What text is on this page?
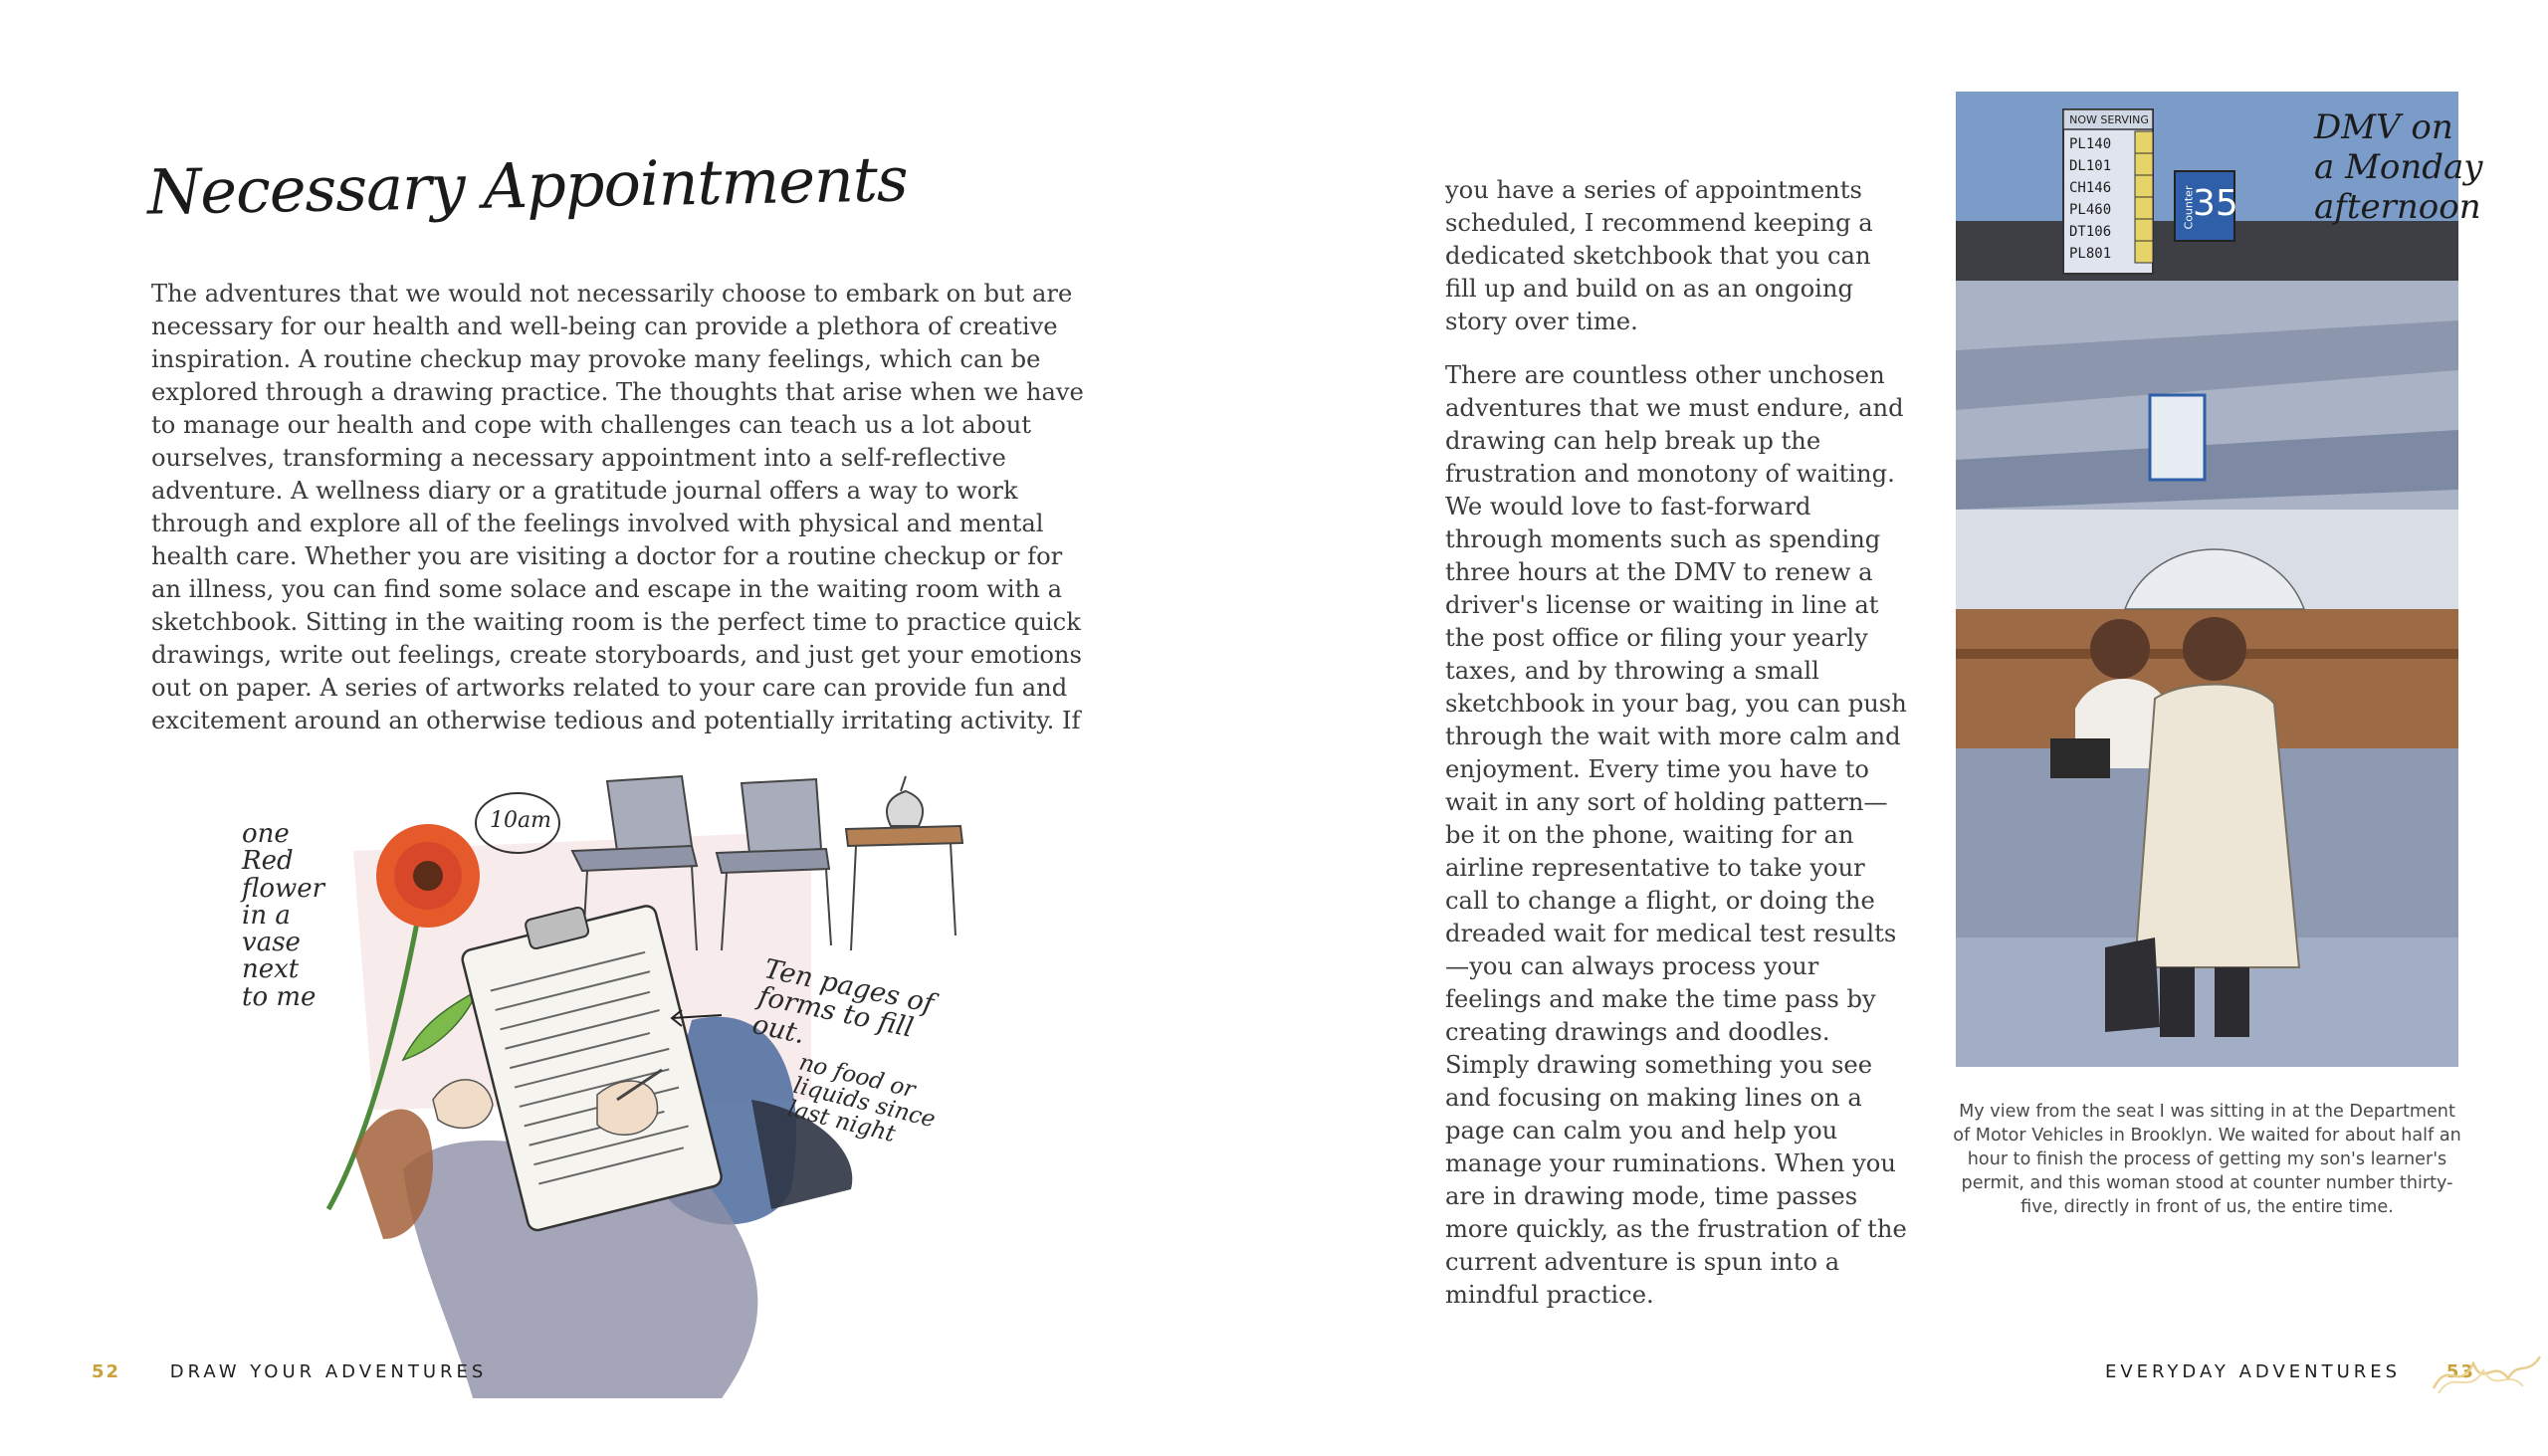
Necessary Appointments

The adventures that we would not necessarily choose to embark on but are necessary for our health and well-being can provide a plethora of creative inspiration. A routine checkup may provoke many feelings, which can be explored through a drawing practice. The thoughts that arise when we have to manage our health and cope with challenges can teach us a lot about ourselves, transforming a necessary appointment into a self-reflective adventure. A wellness diary or a gratitude journal offers a way to work through and explore all of the feelings involved with physical and mental health care. Whether you are visiting a doctor for a routine checkup or for an illness, you can find some solace and escape in the waiting room with a sketchbook. Sitting in the waiting room is the perfect time to practice quick drawings, write out feelings, create storyboards, and just get your emotions out on paper. A series of artworks related to your care can provide fun and excitement around an otherwise tedious and potentially irritating activity. If

one Red flower in a vase next to me
10am
Ten pages of forms to fill out.
no food or liquids since last night
52	DRAW YOUR ADVENTURES

you have a series of appointments scheduled, I recommend keeping a dedicated sketchbook that you can fill up and build on as an ongoing story over time.

There are countless other unchosen adventures that we must endure, and drawing can help break up the frustration and monotony of waiting. We would love to fast-forward through moments such as spending three hours at the DMV to renew a driver's license or waiting in line at the post office or filing your yearly taxes, and by throwing a small sketchbook in your bag, you can push through the wait with more calm and enjoyment. Every time you have to wait in any sort of holding pattern—be it on the phone, waiting for an airline representative to take your call to change a flight, or doing the dreaded wait for medical test results—you can always process your feelings and make the time pass by creating drawings and doodles. Simply drawing something you see and focusing on making lines on a page can calm you and help you manage your ruminations. When you are in drawing mode, time passes more quickly, as the frustration of the current adventure is spun into a mindful practice.

NOW SERVING
PL140
DL101
CH146
PL460
DT106
PL801
Counter
35
DMV on a Monday afternoon
My view from the seat I was sitting in at the Department of Motor Vehicles in Brooklyn. We waited for about half an hour to finish the process of getting my son's learner's permit, and this woman stood at counter number thirty-five, directly in front of us, the entire time.
EVERYDAY ADVENTURES	53
